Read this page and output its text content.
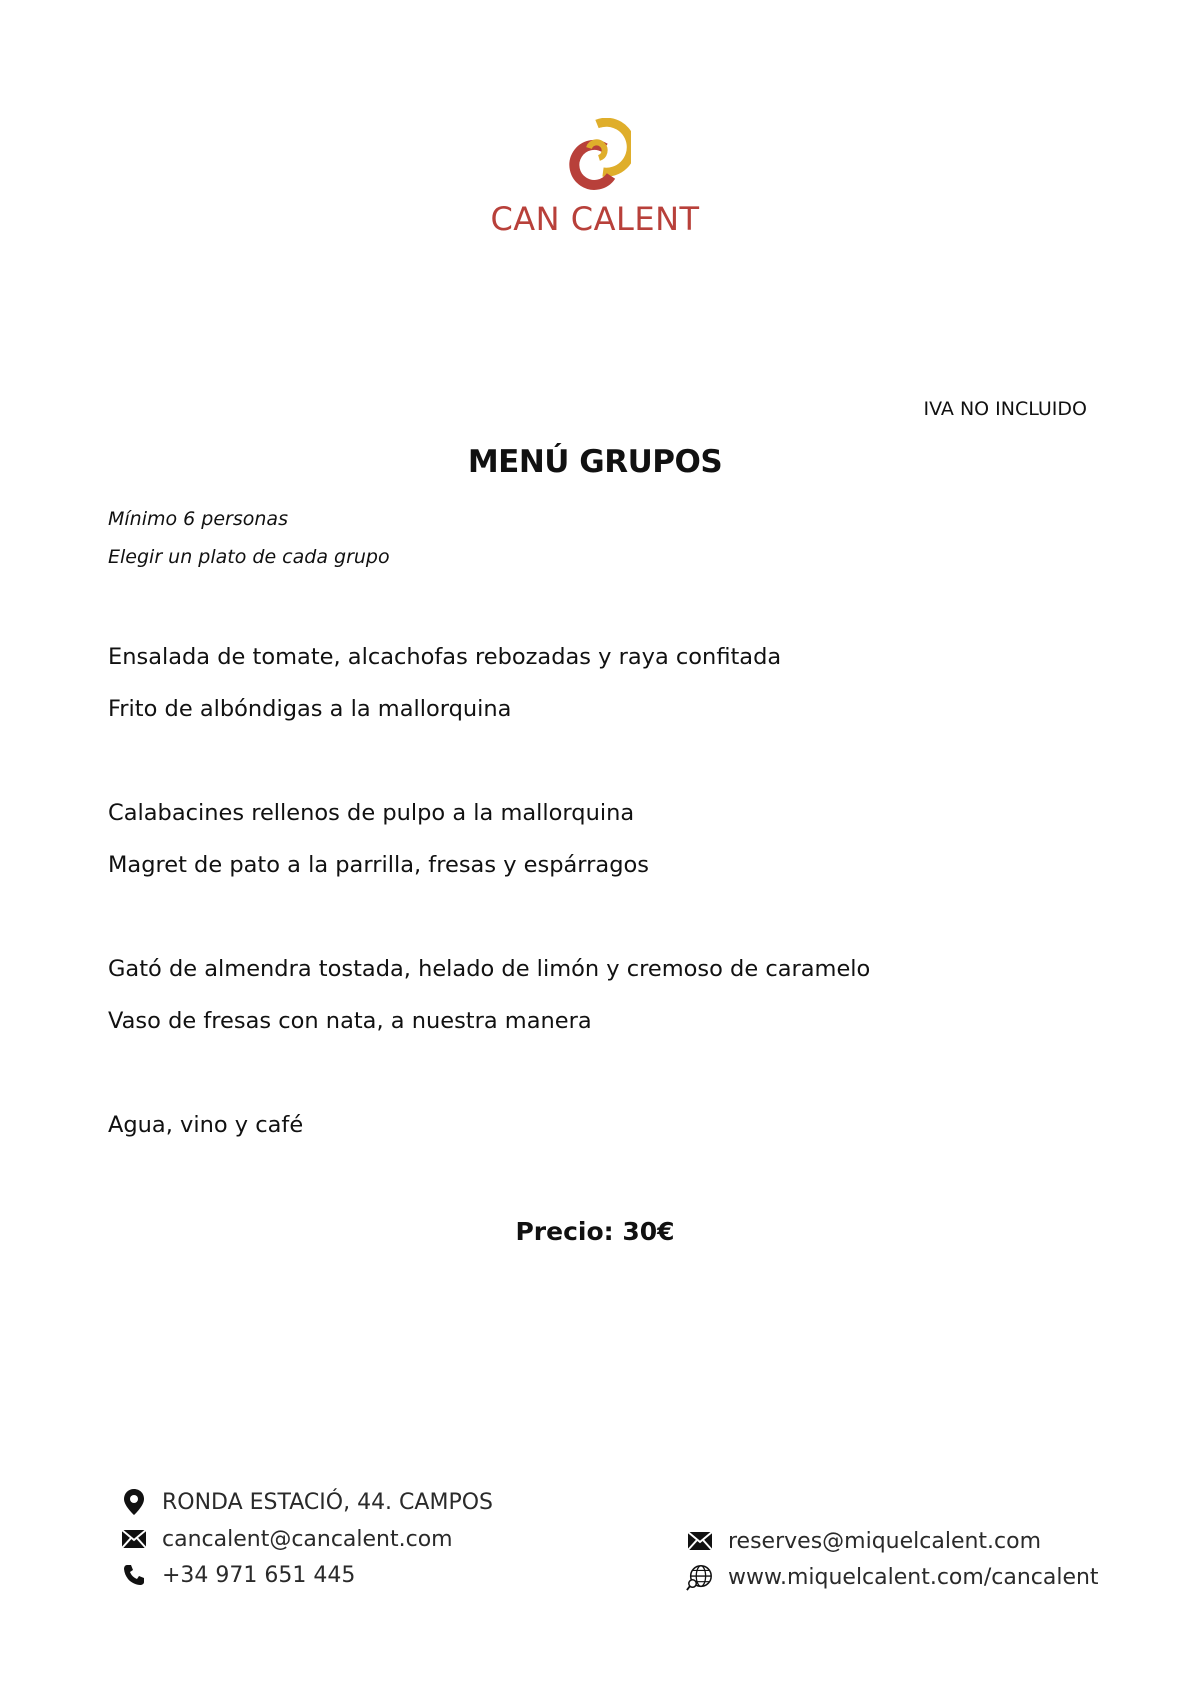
CAN CALENT
IVA NO INCLUIDO
MENÚ GRUPOS
Mínimo 6 personas
Elegir un plato de cada grupo
Ensalada de tomate, alcachofas rebozadas y raya confitada
Frito de albóndigas a la mallorquina
Calabacines rellenos de pulpo a la mallorquina
Magret de pato a la parrilla, fresas y espárragos
Gató de almendra tostada, helado de limón y cremoso de caramelo
Vaso de fresas con nata, a nuestra manera
Agua, vino y café
Precio: 30€
RONDA ESTACIÓ, 44. CAMPOS
cancalent@cancalent.com
+34 971 651 445
reserves@miquelcalent.com
www.miquelcalent.com/cancalent
